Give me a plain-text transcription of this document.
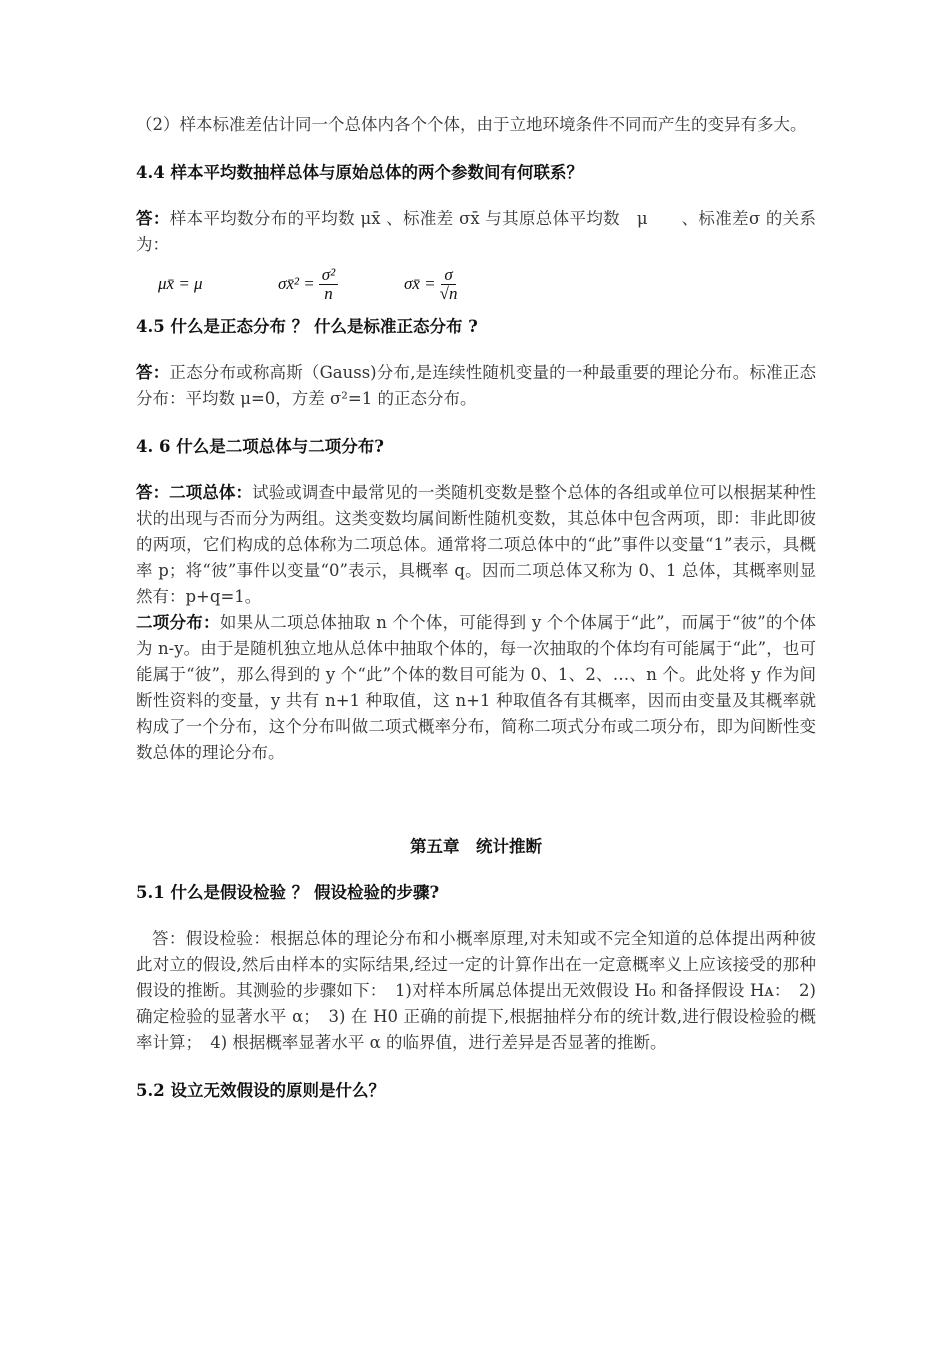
（2）样本标准差估计同一个总体内各个个体，由于立地环境条件不同而产生的变异有多大。

4.4 样本平均数抽样总体与原始总体的两个参数间有何联系？

答：样本平均数分布的平均数 μx̄ 、标准差 σx̄ 与其原总体平均数　μ　　、标准差σ 的关系为：

μx̄ = μ	σx̄² = $\frac{\text{σ²}}{n}$	σx̄ = $\frac{\sigma}{√n}$

4.5 什么是正态分布 ？ 什么是标准正态分布 ?

答：正态分布或称高斯（Gauss)分布,是连续性随机变量的一种最重要的理论分布。标准正态分布：平均数 μ=0，方差 σ²=1 的正态分布。

4. 6 什么是二项总体与二项分布?

答：二项总体：试验或调查中最常见的一类随机变数是整个总体的各组或单位可以根据某种性状的出现与否而分为两组。这类变数均属间断性随机变数，其总体中包含两项，即：非此即彼的两项，它们构成的总体称为二项总体。通常将二项总体中的“此”事件以变量“1”表示，具概率 p；将“彼”事件以变量“0”表示，具概率 q。因而二项总体又称为 0、1 总体，其概率则显然有：p+q=1。

二项分布：如果从二项总体抽取 n 个个体，可能得到 y 个个体属于“此”，而属于“彼”的个体为 n-y。由于是随机独立地从总体中抽取个体的，每一次抽取的个体均有可能属于“此”，也可能属于“彼”，那么得到的 y 个“此”个体的数目可能为 0、1、2、…、n 个。此处将 y 作为间断性资料的变量，y 共有 n+1 种取值，这 n+1 种取值各有其概率，因而由变量及其概率就构成了一个分布，这个分布叫做二项式概率分布，简称二项式分布或二项分布，即为间断性变数总体的理论分布。

第五章　统计推断

5.1 什么是假设检验 ？ 假设检验的步骤?

答：假设检验：根据总体的理论分布和小概率原理,对未知或不完全知道的总体提出两种彼此对立的假设,然后由样本的实际结果,经过一定的计算作出在一定意概率义上应该接受的那种假设的推断。其测验的步骤如下：　1)对样本所属总体提出无效假设 H₀ 和备择假设 Hᴀ：　2) 确定检验的显著水平 α；　3) 在 H0 正确的前提下,根据抽样分布的统计数,进行假设检验的概率计算；　4) 根据概率显著水平 α 的临界值，进行差异是否显著的推断。

5.2 设立无效假设的原则是什么？
